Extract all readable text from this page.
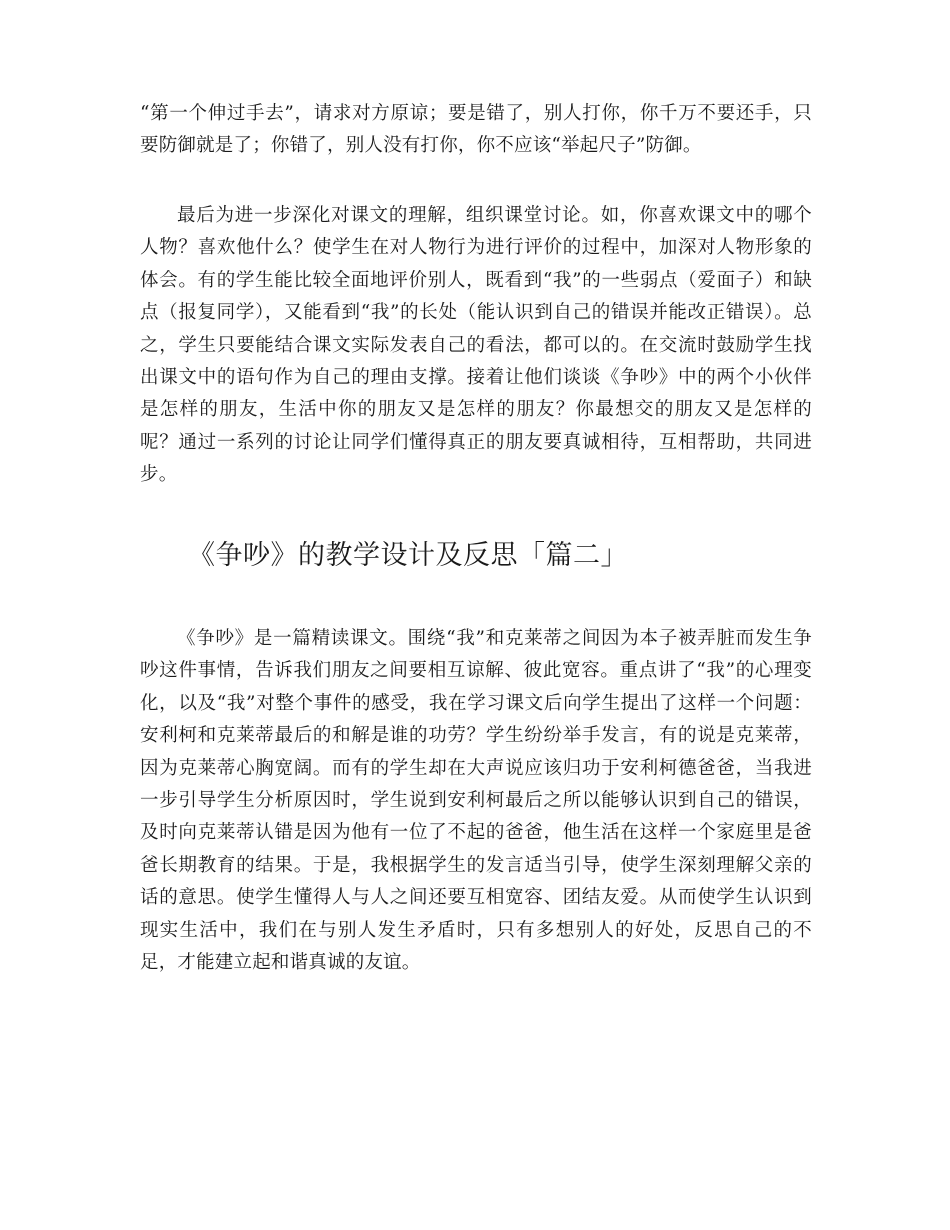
“第一个伸过手去”，请求对方原谅；要是错了，别人打你，你千万不要还手，只要防御就是了；你错了，别人没有打你，你不应该“举起尺子”防御。

最后为进一步深化对课文的理解，组织课堂讨论。如，你喜欢课文中的哪个人物？喜欢他什么？使学生在对人物行为进行评价的过程中，加深对人物形象的体会。有的学生能比较全面地评价别人，既看到“我”的一些弱点（爱面子）和缺点（报复同学），又能看到“我”的长处（能认识到自己的错误并能改正错误）。总之，学生只要能结合课文实际发表自己的看法，都可以的。在交流时鼓励学生找出课文中的语句作为自己的理由支撑。接着让他们谈谈《争吵》中的两个小伙伴是怎样的朋友，生活中你的朋友又是怎样的朋友？你最想交的朋友又是怎样的呢？通过一系列的讨论让同学们懂得真正的朋友要真诚相待，互相帮助，共同进步。

《争吵》的教学设计及反思「篇二」

《争吵》是一篇精读课文。围绕“我”和克莱蒂之间因为本子被弄脏而发生争吵这件事情，告诉我们朋友之间要相互谅解、彼此宽容。重点讲了“我”的心理变化，以及“我”对整个事件的感受，我在学习课文后向学生提出了这样一个问题：安利柯和克莱蒂最后的和解是谁的功劳？学生纷纷举手发言，有的说是克莱蒂，因为克莱蒂心胸宽阔。而有的学生却在大声说应该归功于安利柯德爸爸，当我进一步引导学生分析原因时，学生说到安利柯最后之所以能够认识到自己的错误，及时向克莱蒂认错是因为他有一位了不起的爸爸，他生活在这样一个家庭里是爸爸长期教育的结果。于是，我根据学生的发言适当引导，使学生深刻理解父亲的话的意思。使学生懂得人与人之间还要互相宽容、团结友爱。从而使学生认识到现实生活中，我们在与别人发生矛盾时，只有多想别人的好处，反思自己的不足，才能建立起和谐真诚的友谊。
